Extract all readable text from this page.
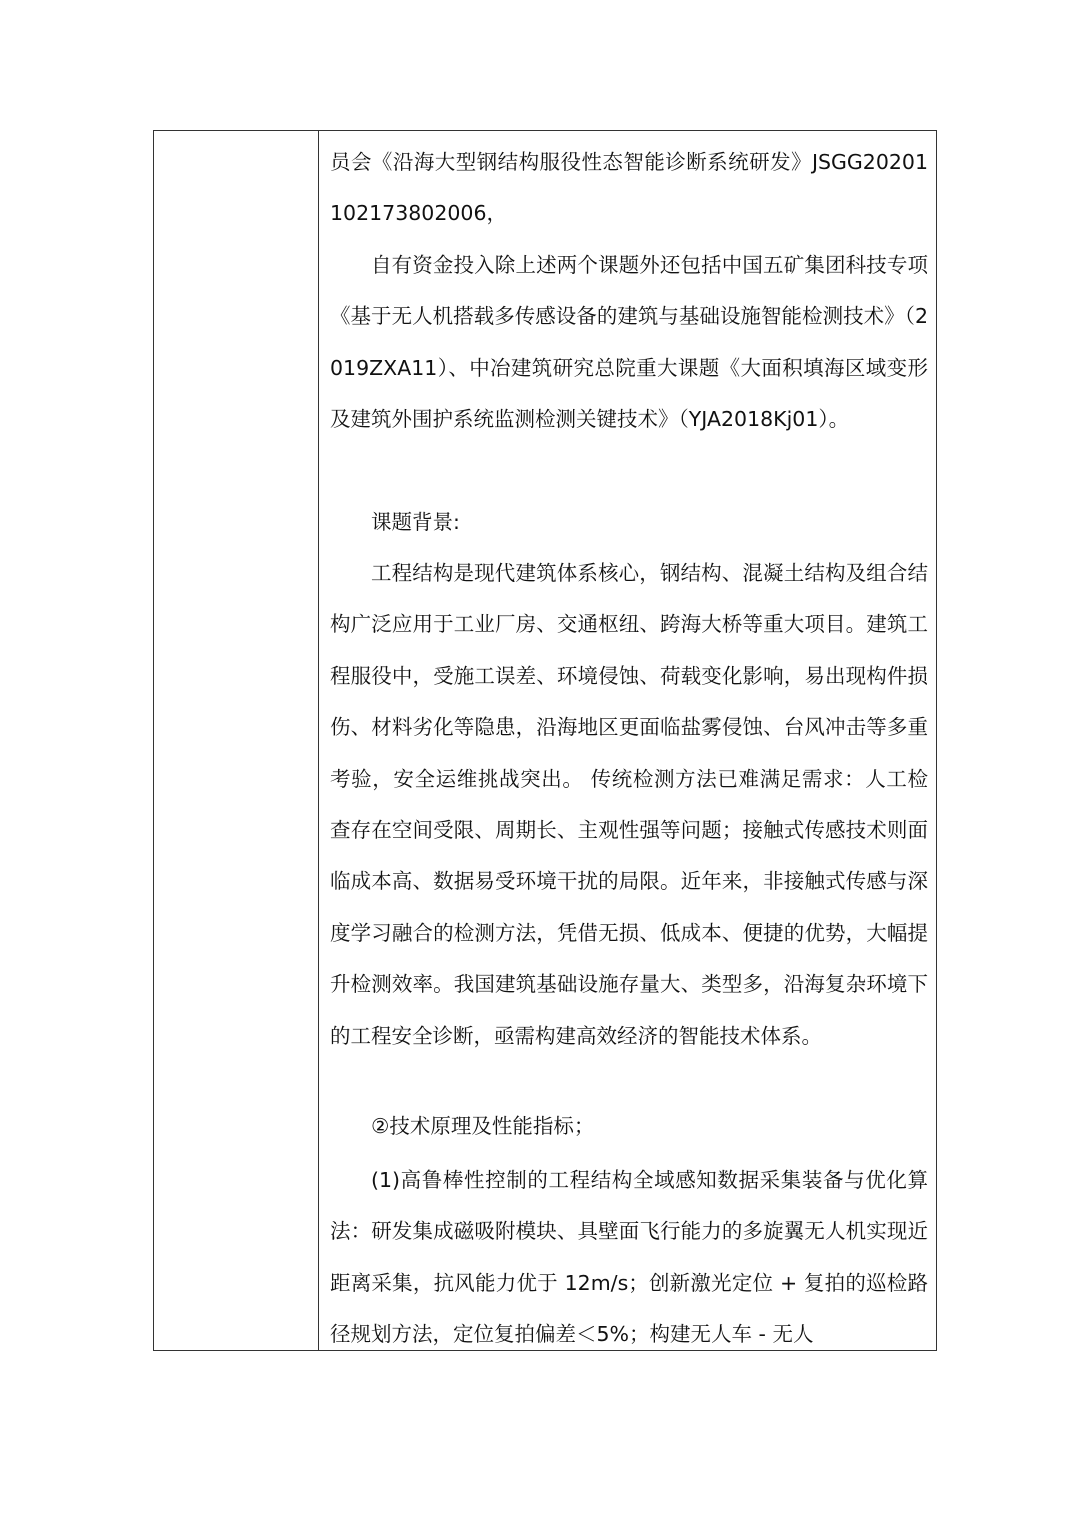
员会《沿海大型钢结构服役性态智能诊断系统研发》JSGG20201102173802006，

自有资金投入除上述两个课题外还包括中国五矿集团科技专项《基于无人机搭载多传感设备的建筑与基础设施智能检测技术》（2019ZXA11）、中冶建筑研究总院重大课题《大面积填海区域变形及建筑外围护系统监测检测关键技术》（YJA2018Kj01）。

课题背景:

工程结构是现代建筑体系核心，钢结构、混凝土结构及组合结构广泛应用于工业厂房、交通枢纽、跨海大桥等重大项目。建筑工程服役中，受施工误差、环境侵蚀、荷载变化影响，易出现构件损伤、材料劣化等隐患，沿海地区更面临盐雾侵蚀、台风冲击等多重考验，安全运维挑战突出。 传统检测方法已难满足需求：人工检查存在空间受限、周期长、主观性强等问题；接触式传感技术则面临成本高、数据易受环境干扰的局限。近年来，非接触式传感与深度学习融合的检测方法，凭借无损、低成本、便捷的优势，大幅提升检测效率。我国建筑基础设施存量大、类型多，沿海复杂环境下的工程安全诊断，亟需构建高效经济的智能技术体系。

②技术原理及性能指标；

(1)高鲁棒性控制的工程结构全域感知数据采集装备与优化算法：研发集成磁吸附模块、具壁面飞行能力的多旋翼无人机实现近距离采集，抗风能力优于 12m/s；创新激光定位 + 复拍的巡检路径规划方法，定位复拍偏差＜5%；构建无人车 - 无人
